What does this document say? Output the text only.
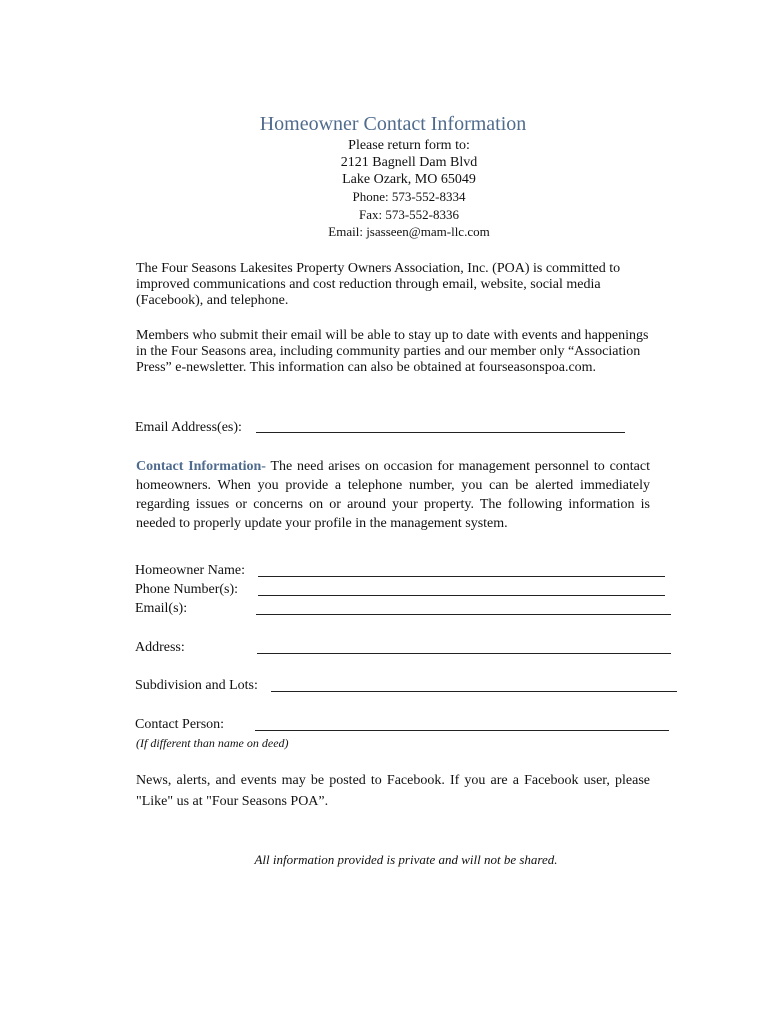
Homeowner Contact Information
Please return form to:
2121 Bagnell Dam Blvd
Lake Ozark, MO 65049
Phone: 573-552-8334
Fax: 573-552-8336
Email: jsasseen@mam-llc.com
The Four Seasons Lakesites Property Owners Association, Inc. (POA) is committed to improved communications and cost reduction through email, website, social media (Facebook), and telephone.
Members who submit their email will be able to stay up to date with events and happenings in the Four Seasons area, including community parties and our member only “Association Press” e-newsletter. This information can also be obtained at fourseasonspoa.com.
Email Address(es):
Contact Information- The need arises on occasion for management personnel to contact homeowners. When you provide a telephone number, you can be alerted immediately regarding issues or concerns on or around your property. The following information is needed to properly update your profile in the management system.
Homeowner Name:
Phone Number(s):
Email(s):
Address:
Subdivision and Lots:
Contact Person:
(If different than name on deed)
News, alerts, and events may be posted to Facebook. If you are a Facebook user, please "Like" us at "Four Seasons POA”.
All information provided is private and will not be shared.
